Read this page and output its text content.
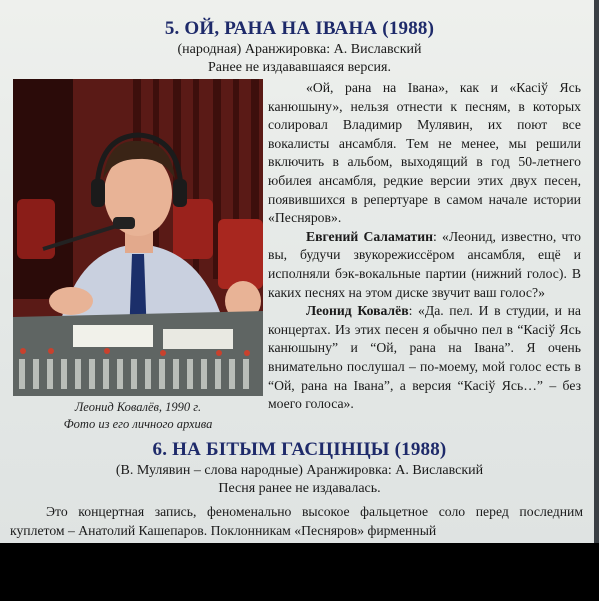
5. ОЙ, РАНА НА ІВАНА (1988)
(народная) Аранжировка: А. Виславский
Ранее не издававшаяся версия.
Леонид Ковалёв, 1990 г.
Фото из его личного архива

«Ой, рана на Івана», как и «Касіў Ясь канюшыну», нельзя отнести к песням, в которых солировал Владимир Мулявин, их поют все вокалисты ансамбля. Тем не менее, мы решили включить в альбом, выходящий в год 50-летнего юбилея ансамбля, редкие версии этих двух песен, появившихся в репертуаре в самом начале истории «Песняров».

Евгений Саламатин: «Леонид, известно, что вы, будучи звукорежиссёром ансамбля, ещё и исполняли бэк-вокальные партии (нижний голос). В каких песнях на этом диске звучит ваш голос?»

Леонид Ковалёв: «Да. пел. И в студии, и на концертах. Из этих песен я обычно пел в “Касіў Ясь канюшыну” и “Ой, рана на Івана”. Я очень внимательно послушал – по-моему, мой голос есть в “Ой, рана на Івана”, а версия “Касіў Ясь…” – без моего голоса».

6. НА БІТЫМ ГАСЦІНЦЫ (1988)
(В. Мулявин – слова народные) Аранжировка: А. Виславский
Песня ранее не издавалась.

Это концертная запись, феноменально высокое фальцетное соло перед последним куплетом – Анатолий Кашепаров. Поклонникам «Песняров» фирменный
